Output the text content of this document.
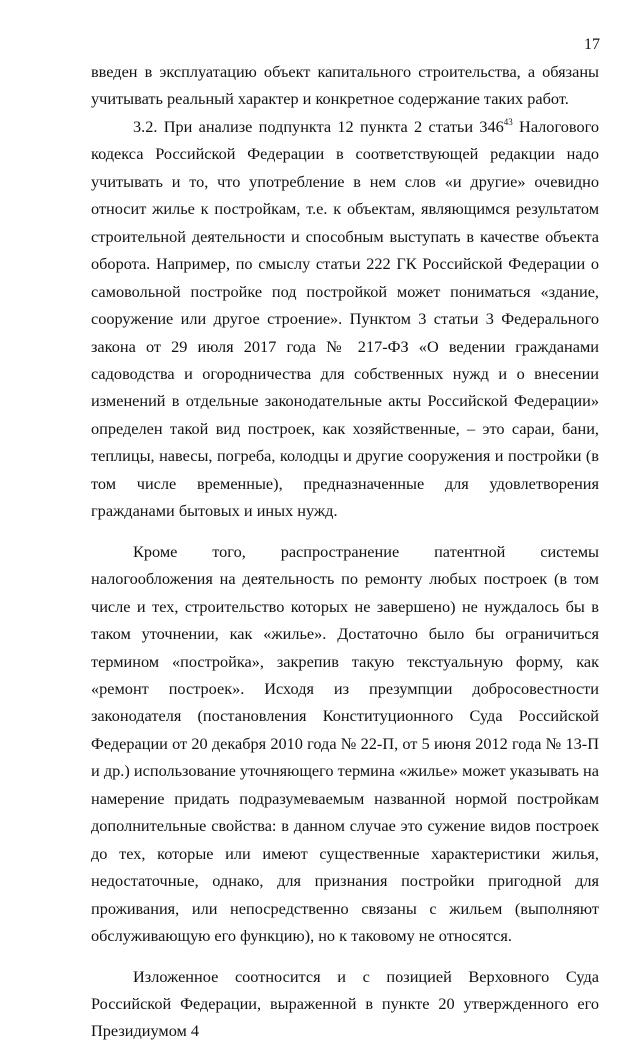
17

введен в эксплуатацию объект капитального строительства, а обязаны учитывать реальный характер и конкретное содержание таких работ.

3.2. При анализе подпункта 12 пункта 2 статьи $346^{43}$ Налогового кодекса Российской Федерации в соответствующей редакции надо учитывать и то, что употребление в нем слов «и другие» очевидно относит жилье к постройкам, т.е. к объектам, являющимся результатом строительной деятельности и способным выступать в качестве объекта оборота. Например, по смыслу статьи 222 ГК Российской Федерации о самовольной постройке под постройкой может пониматься «здание, сооружение или другое строение». Пунктом 3 статьи 3 Федерального закона от 29 июля 2017 года № 217-ФЗ «О ведении гражданами садоводства и огородничества для собственных нужд и о внесении изменений в отдельные законодательные акты Российской Федерации» определен такой вид построек, как хозяйственные, – это сараи, бани, теплицы, навесы, погреба, колодцы и другие сооружения и постройки (в том числе временные), предназначенные для удовлетворения гражданами бытовых и иных нужд.

Кроме того, распространение патентной системы налогообложения на деятельность по ремонту любых построек (в том числе и тех, строительство которых не завершено) не нуждалось бы в таком уточнении, как «жилье». Достаточно было бы ограничиться термином «постройка», закрепив такую текстуальную форму, как «ремонт построек». Исходя из презумпции добросовестности законодателя (постановления Конституционного Суда Российской Федерации от 20 декабря 2010 года № 22-П, от 5 июня 2012 года № 13-П и др.) использование уточняющего термина «жилье» может указывать на намерение придать подразумеваемым названной нормой постройкам дополнительные свойства: в данном случае это сужение видов построек до тех, которые или имеют существенные характеристики жилья, недостаточные, однако, для признания постройки пригодной для проживания, или непосредственно связаны с жильем (выполняют обслуживающую его функцию), но к таковому не относятся.

Изложенное соотносится и с позицией Верховного Суда Российской Федерации, выраженной в пункте 20 утвержденного его Президиумом 4
